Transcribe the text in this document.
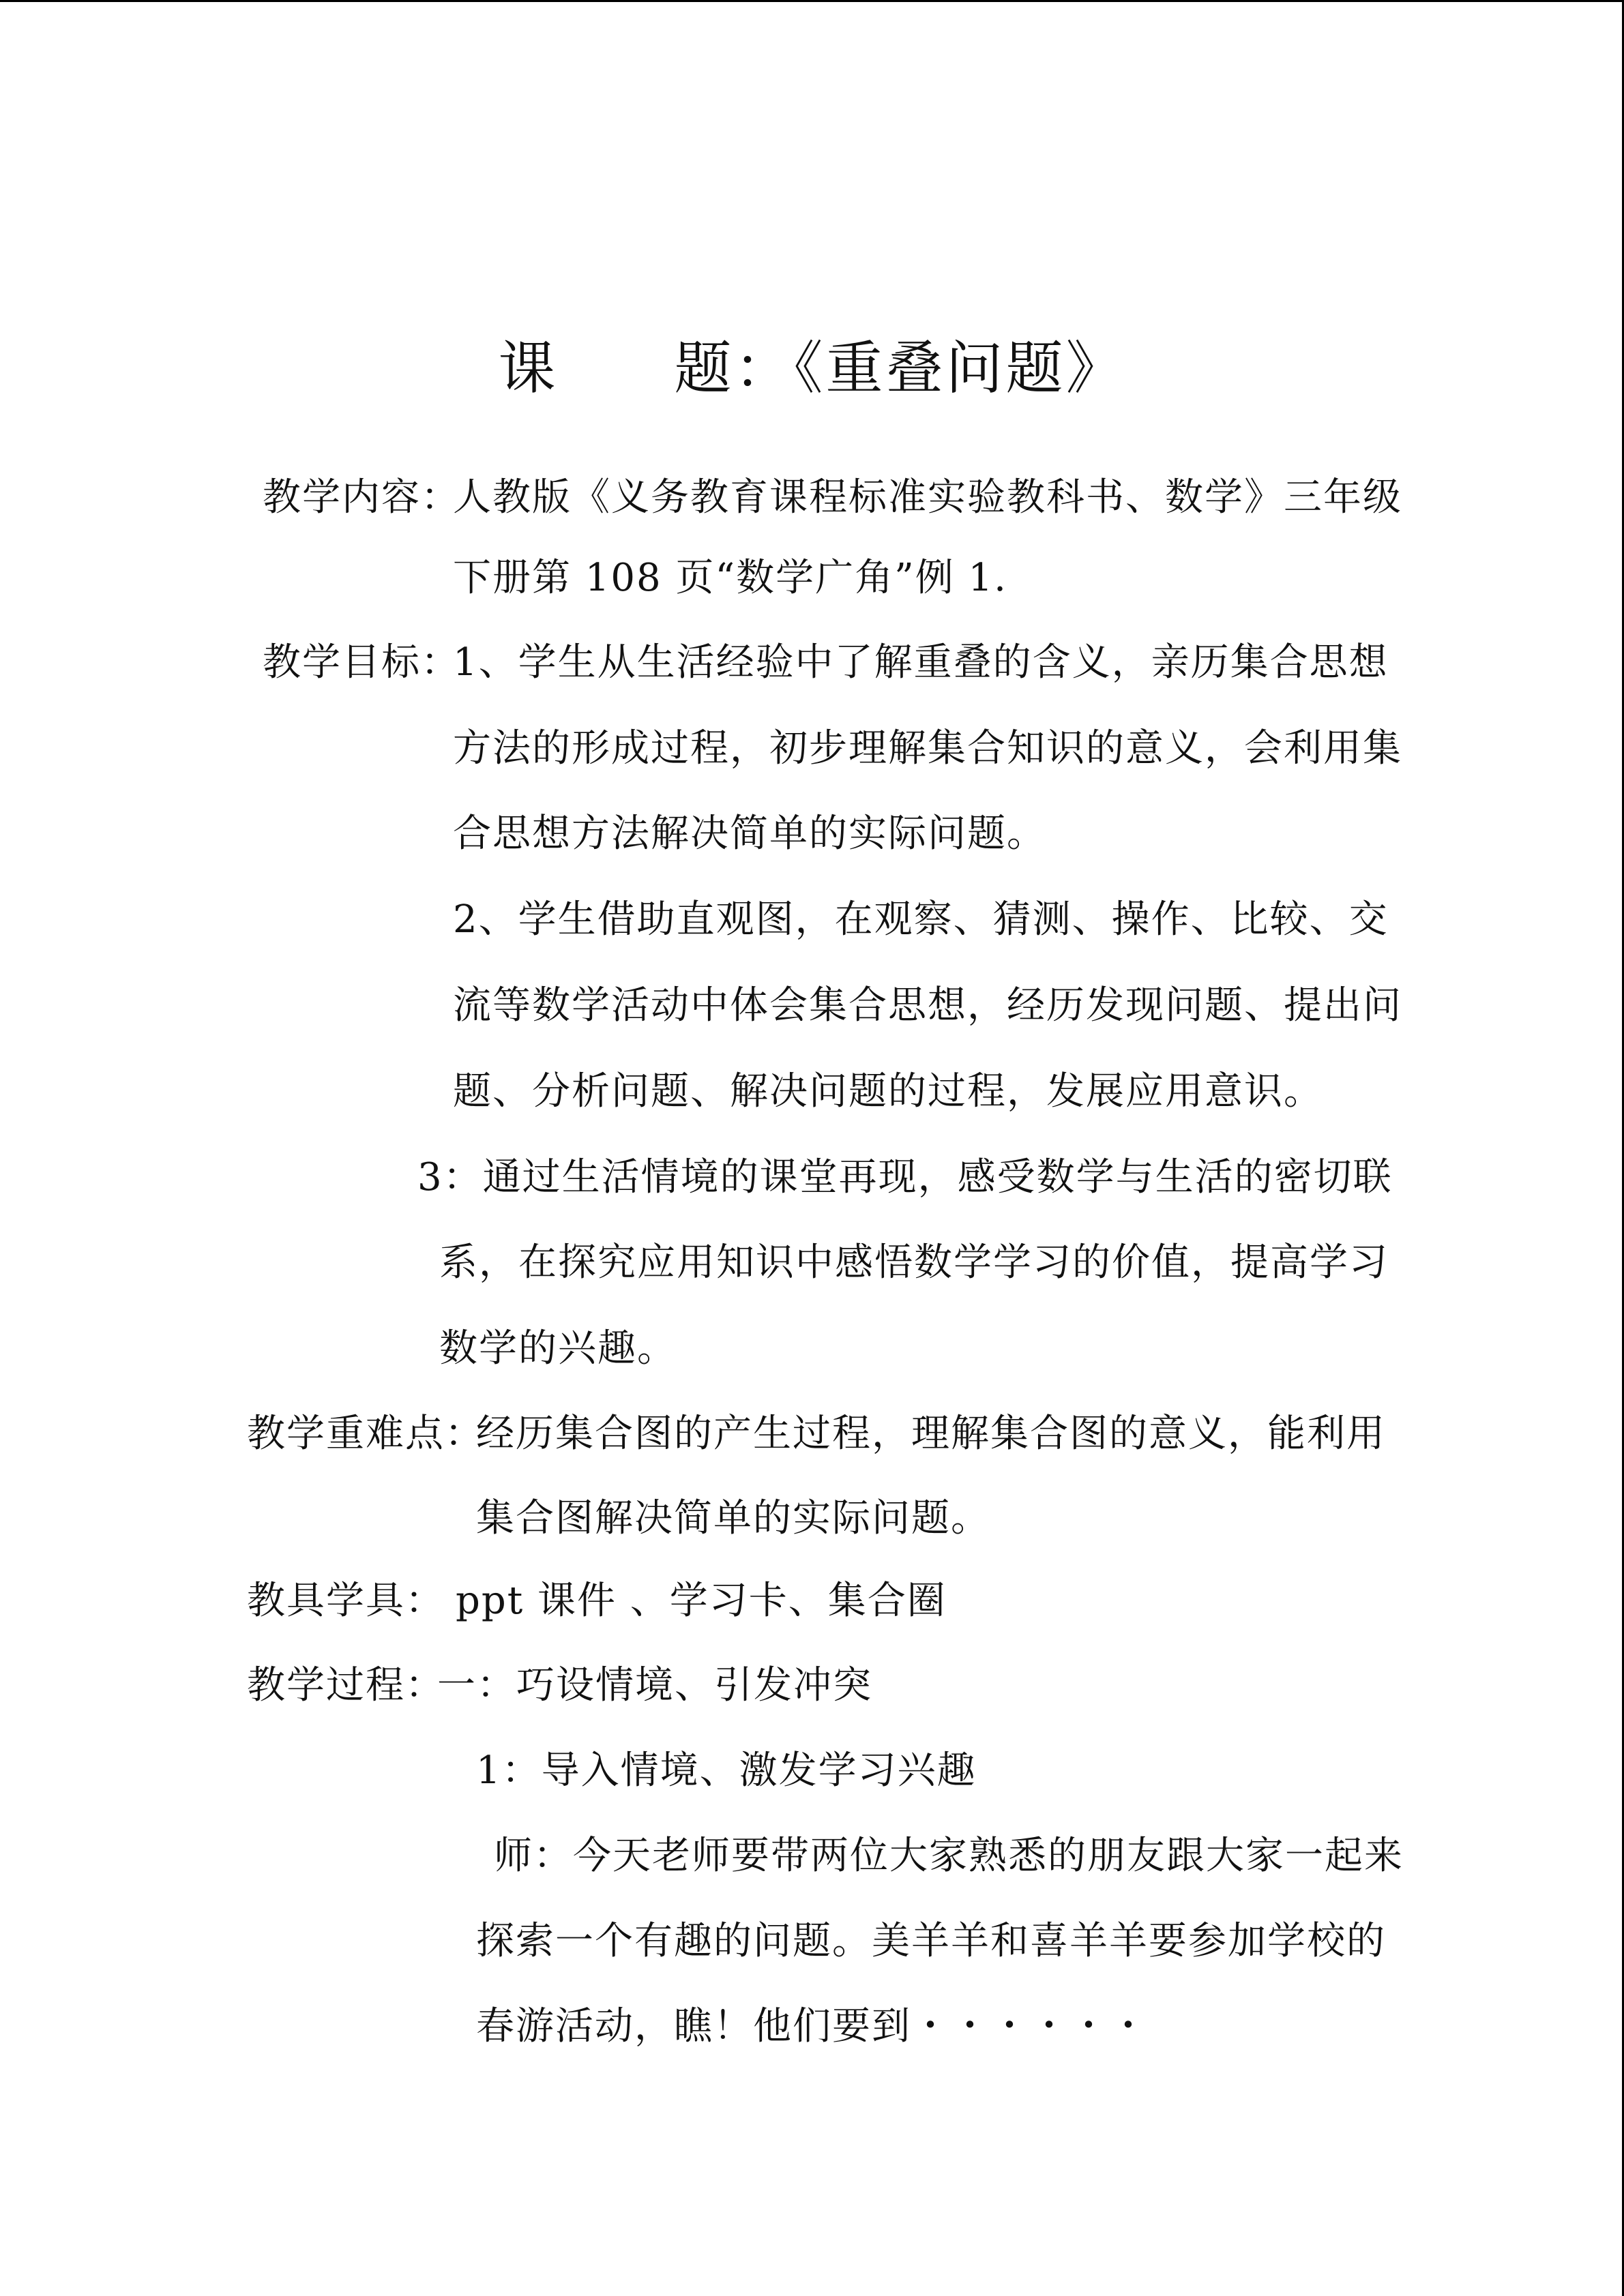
课 题：《重叠问题》
教学内容：
人教版《义务教育课程标准实验教科书、数学》三年级
下册第 108 页“数学广角”例 1.
教学目标：
1、学生从生活经验中了解重叠的含义，亲历集合思想
方法的形成过程，初步理解集合知识的意义，会利用集
合思想方法解决简单的实际问题。
2、学生借助直观图，在观察、猜测、操作、比较、交
流等数学活动中体会集合思想，经历发现问题、提出问
题、分析问题、解决问题的过程，发展应用意识。
3：通过生活情境的课堂再现，感受数学与生活的密切联
系，在探究应用知识中感悟数学学习的价值，提高学习
数学的兴趣。
教学重难点：
经历集合图的产生过程，理解集合图的意义，能利用
集合图解决简单的实际问题。
教具学具： ppt 课件 、学习卡、集合圈
教学过程：
一：巧设情境、引发冲突
1：导入情境、激发学习兴趣
师：今天老师要带两位大家熟悉的朋友跟大家一起来
探索一个有趣的问题。美羊羊和喜羊羊要参加学校的
春游活动，瞧！他们要到・・・・・・
